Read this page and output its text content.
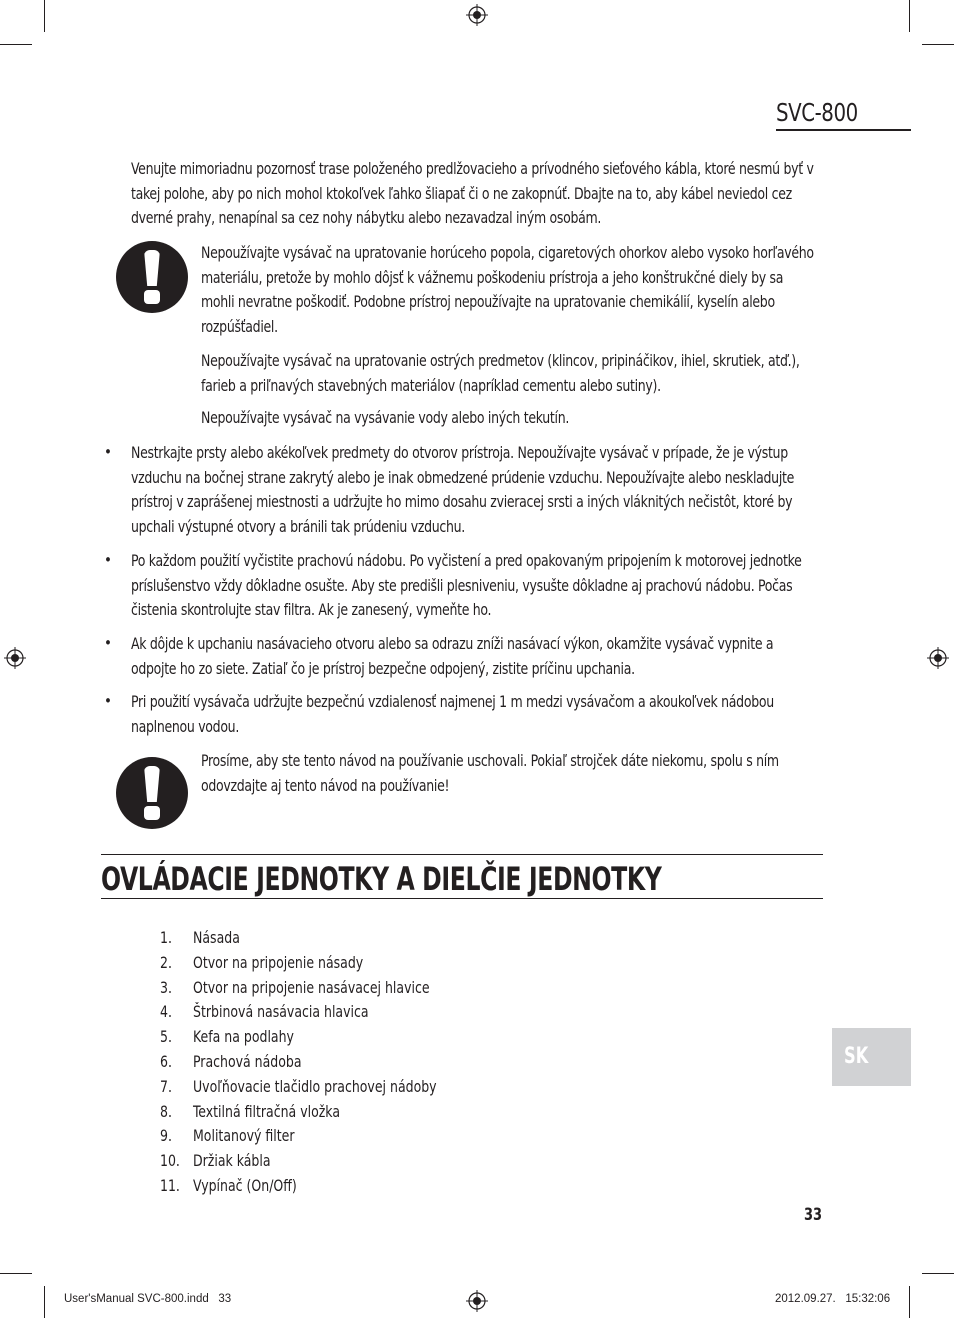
SVC-800
Venujte mimoriadnu pozornosť trase položeného predlžovacieho a prívodného sieťového kábla, ktoré nesmú byť v takej polohe, aby po nich mohol ktokoľvek ľahko šliapať či o ne zakopnúť. Dbajte na to, aby kábel neviedol cez dverné prahy, nenapínal sa cez nohy nábytku alebo nezavadzal iným osobám.
Nepoužívajte vysávač na upratovanie horúceho popola, cigaretových ohorkov alebo vysoko horľavého materiálu, pretože by mohlo dôjsť k vážnemu poškodeniu prístroja a jeho konštrukčné diely by sa mohli nevratne poškodiť. Podobne prístroj nepoužívajte na upratovanie chemikálií, kyselín alebo rozpúšťadiel.
Nepoužívajte vysávač na upratovanie ostrých predmetov (klincov, pripináčikov, ihiel, skrutiek, atď.), farieb a priľnavých stavebných materiálov (napríklad cementu alebo sutiny).
Nepoužívajte vysávač na vysávanie vody alebo iných tekutín.
• Nestrkajte prsty alebo akékoľvek predmety do otvorov prístroja. Nepoužívajte vysávač v prípade, že je výstup vzduchu na bočnej strane zakrytý alebo je inak obmedzené prúdenie vzduchu. Nepoužívajte alebo neskladujte prístroj v zaprášenej miestnosti a udržujte ho mimo dosahu zvieracej srsti a iných vláknitých nečistôt, ktoré by upchali výstupné otvory a bránili tak prúdeniu vzduchu.
• Po každom použití vyčistite prachovú nádobu. Po vyčistení a pred opakovaným pripojením k motorovej jednotke príslušenstvo vždy dôkladne osušte. Aby ste predišli plesniveniu, vysušte dôkladne aj prachovú nádobu. Počas čistenia skontrolujte stav filtra. Ak je zanesený, vymeňte ho.
• Ak dôjde k upchaniu nasávacieho otvoru alebo sa odrazu zníži nasávací výkon, okamžite vysávač vypnite a odpojte ho zo siete. Zatiaľ čo je prístroj bezpečne odpojený, zistite príčinu upchania.
• Pri použití vysávača udržujte bezpečnú vzdialenosť najmenej 1 m medzi vysávačom a akoukoľvek nádobou naplnenou vodou.
Prosíme, aby ste tento návod na používanie uschovali. Pokiaľ strojček dáte niekomu, spolu s ním odovzdajte aj tento návod na používanie!
OVLÁDACIE JEDNOTKY A DIELČIE JEDNOTKY
1. Násada
2. Otvor na pripojenie násady
3. Otvor na pripojenie nasávacej hlavice
4. Štrbinová nasávacia hlavica
5. Kefa na podlahy
6. Prachová nádoba
7. Uvoľňovacie tlačidlo prachovej nádoby
8. Textilná filtračná vložka
9. Molitanový filter
10. Držiak kábla
11. Vypínač (On/Off)
SK
33
User'sManual SVC-800.indd   33	2012.09.27.   15:32:06
